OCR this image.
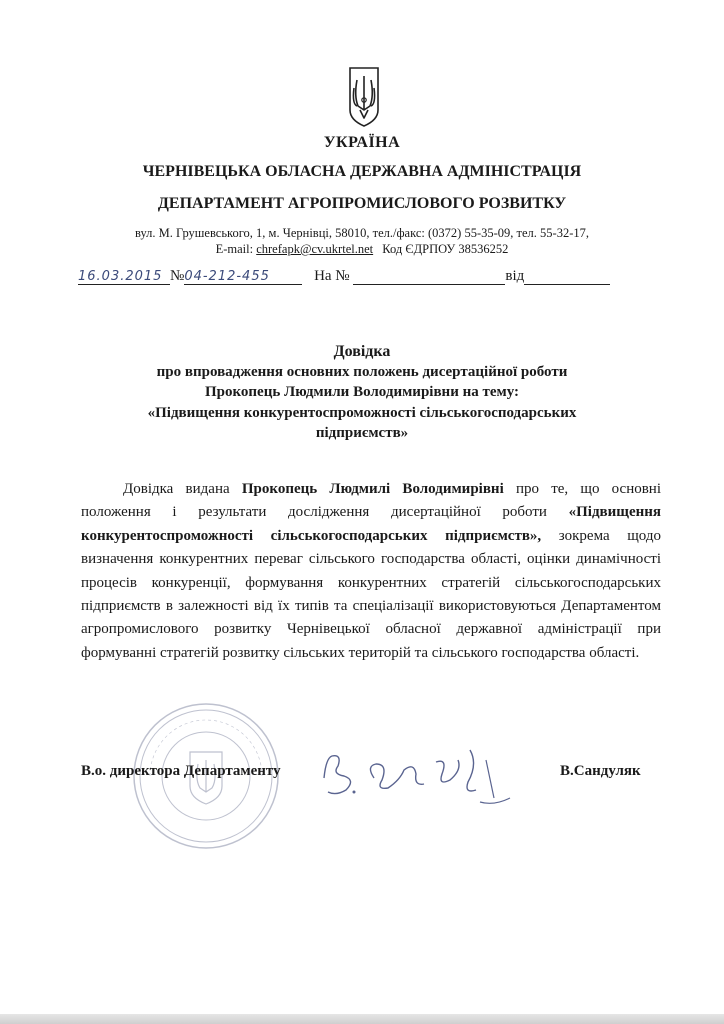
УКРАЇНА
ЧЕРНІВЕЦЬКА ОБЛАСНА ДЕРЖАВНА АДМІНІСТРАЦІЯ
ДЕПАРТАМЕНТ АГРОПРОМИСЛОВОГО РОЗВИТКУ
вул. М. Грушевського, 1, м. Чернівці, 58010, тел./факс: (0372) 55-35-09, тел. 55-32-17,
E-mail: chrefapk@cv.ukrtel.net Код ЄДРПОУ 38536252
16.03.2015 №04-212-455	На №	від
Довідка
про впровадження основних положень дисертаційної роботи
Прокопець Людмили Володимирівни на тему:
«Підвищення конкурентоспроможності сільськогосподарських
підприємств»
Довідка видана Прокопець Людмилі Володимирівні про те, що основні положення і результати дослідження дисертаційної роботи «Підвищення конкурентоспроможності сільськогосподарських підприємств», зокрема щодо визначення конкурентних переваг сільського господарства області, оцінки динамічності процесів конкуренції, формування конкурентних стратегій сільськогосподарських підприємств в залежності від їх типів та спеціалізації використовуються Департаментом агропромислового розвитку Чернівецької обласної державної адміністрації при формуванні стратегій розвитку сільських територій та сільського господарства області.
В.о. директора Департаменту	В.Сандуляк
